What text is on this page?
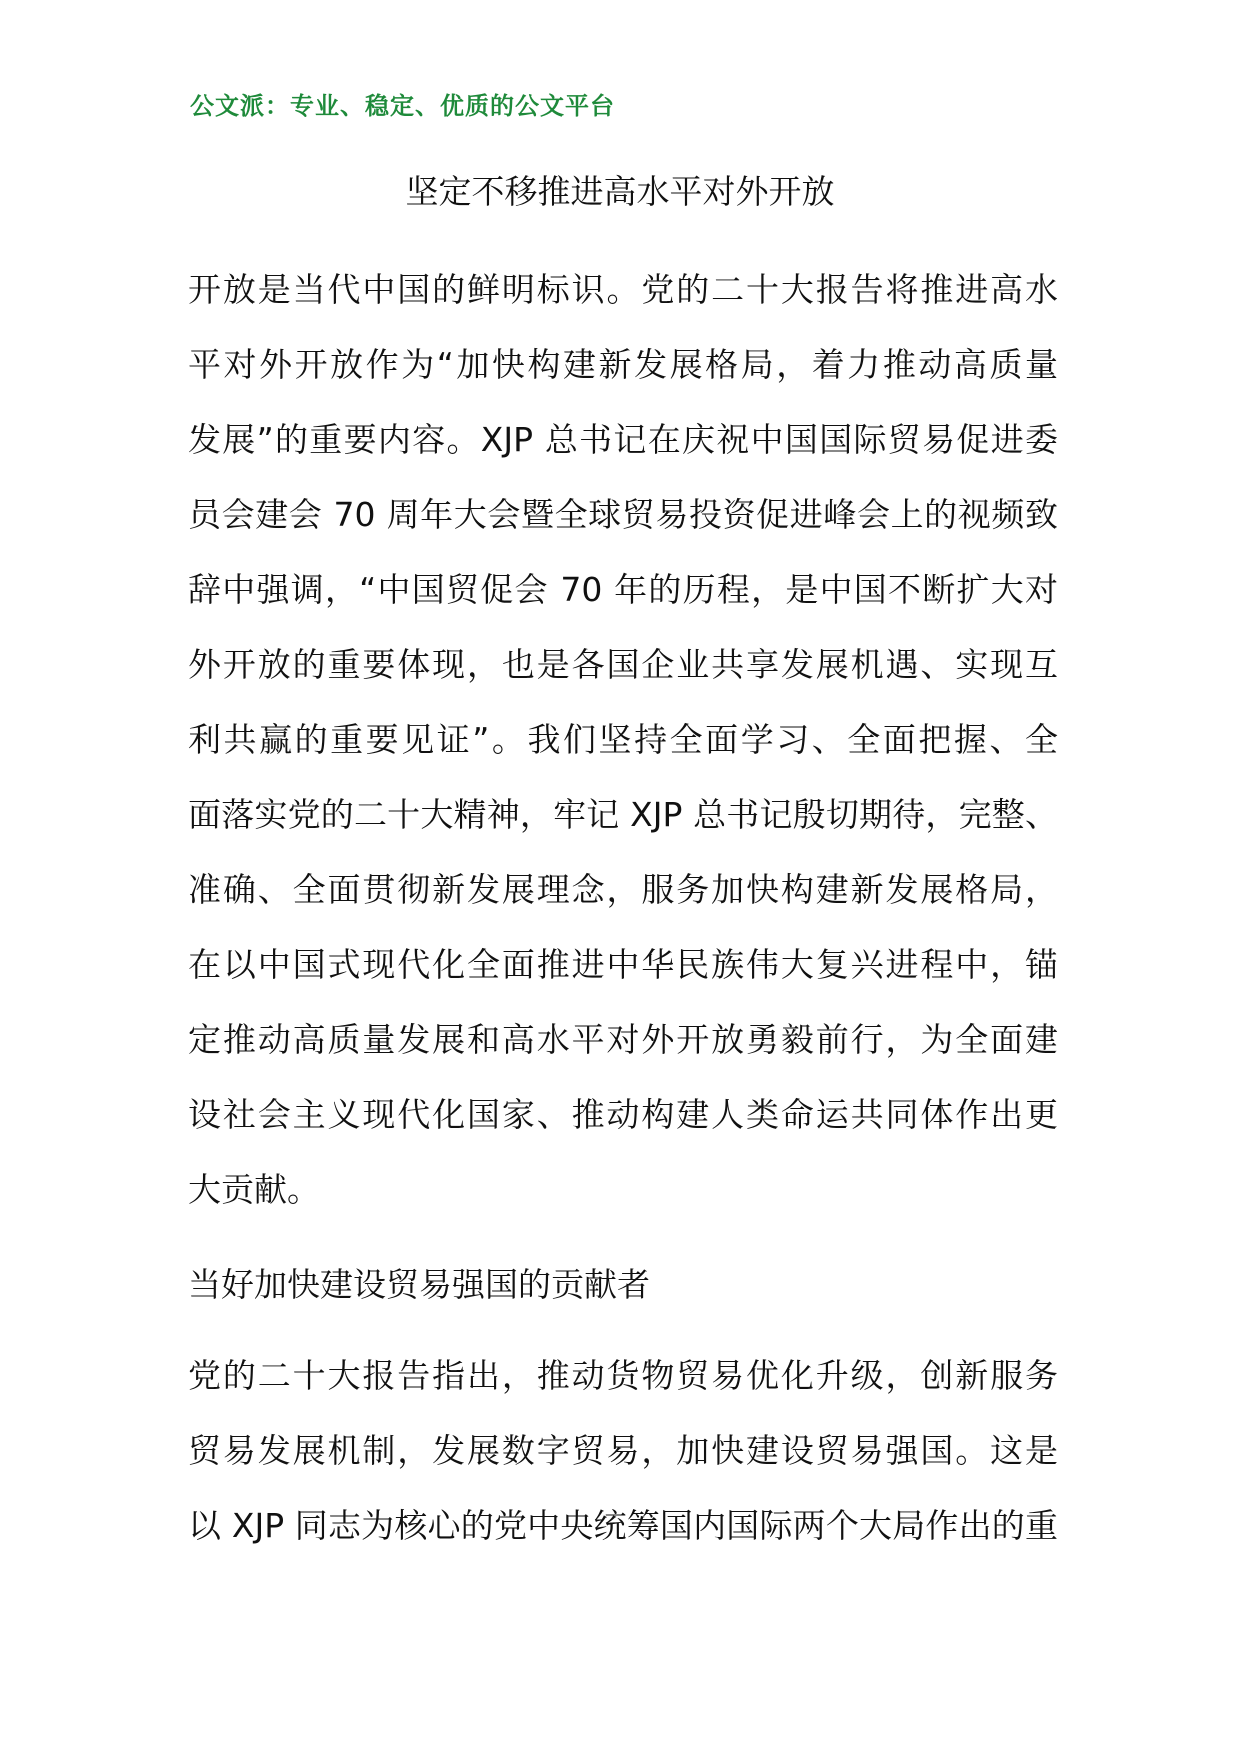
公文派：专业、稳定、优质的公文平台
坚定不移推进高水平对外开放
开放是当代中国的鲜明标识。党的二十大报告将推进高水
平对外开放作为“加快构建新发展格局，着力推动高质量
发展”的重要内容。XJP 总书记在庆祝中国国际贸易促进委
员会建会 70 周年大会暨全球贸易投资促进峰会上的视频致
辞中强调，“中国贸促会 70 年的历程，是中国不断扩大对
外开放的重要体现，也是各国企业共享发展机遇、实现互
利共赢的重要见证”。我们坚持全面学习、全面把握、全
面落实党的二十大精神，牢记 XJP 总书记殷切期待，完整、
准确、全面贯彻新发展理念，服务加快构建新发展格局，
在以中国式现代化全面推进中华民族伟大复兴进程中，锚
定推动高质量发展和高水平对外开放勇毅前行，为全面建
设社会主义现代化国家、推动构建人类命运共同体作出更
大贡献。
当好加快建设贸易强国的贡献者
党的二十大报告指出，推动货物贸易优化升级，创新服务
贸易发展机制，发展数字贸易，加快建设贸易强国。这是
以 XJP 同志为核心的党中央统筹国内国际两个大局作出的重
